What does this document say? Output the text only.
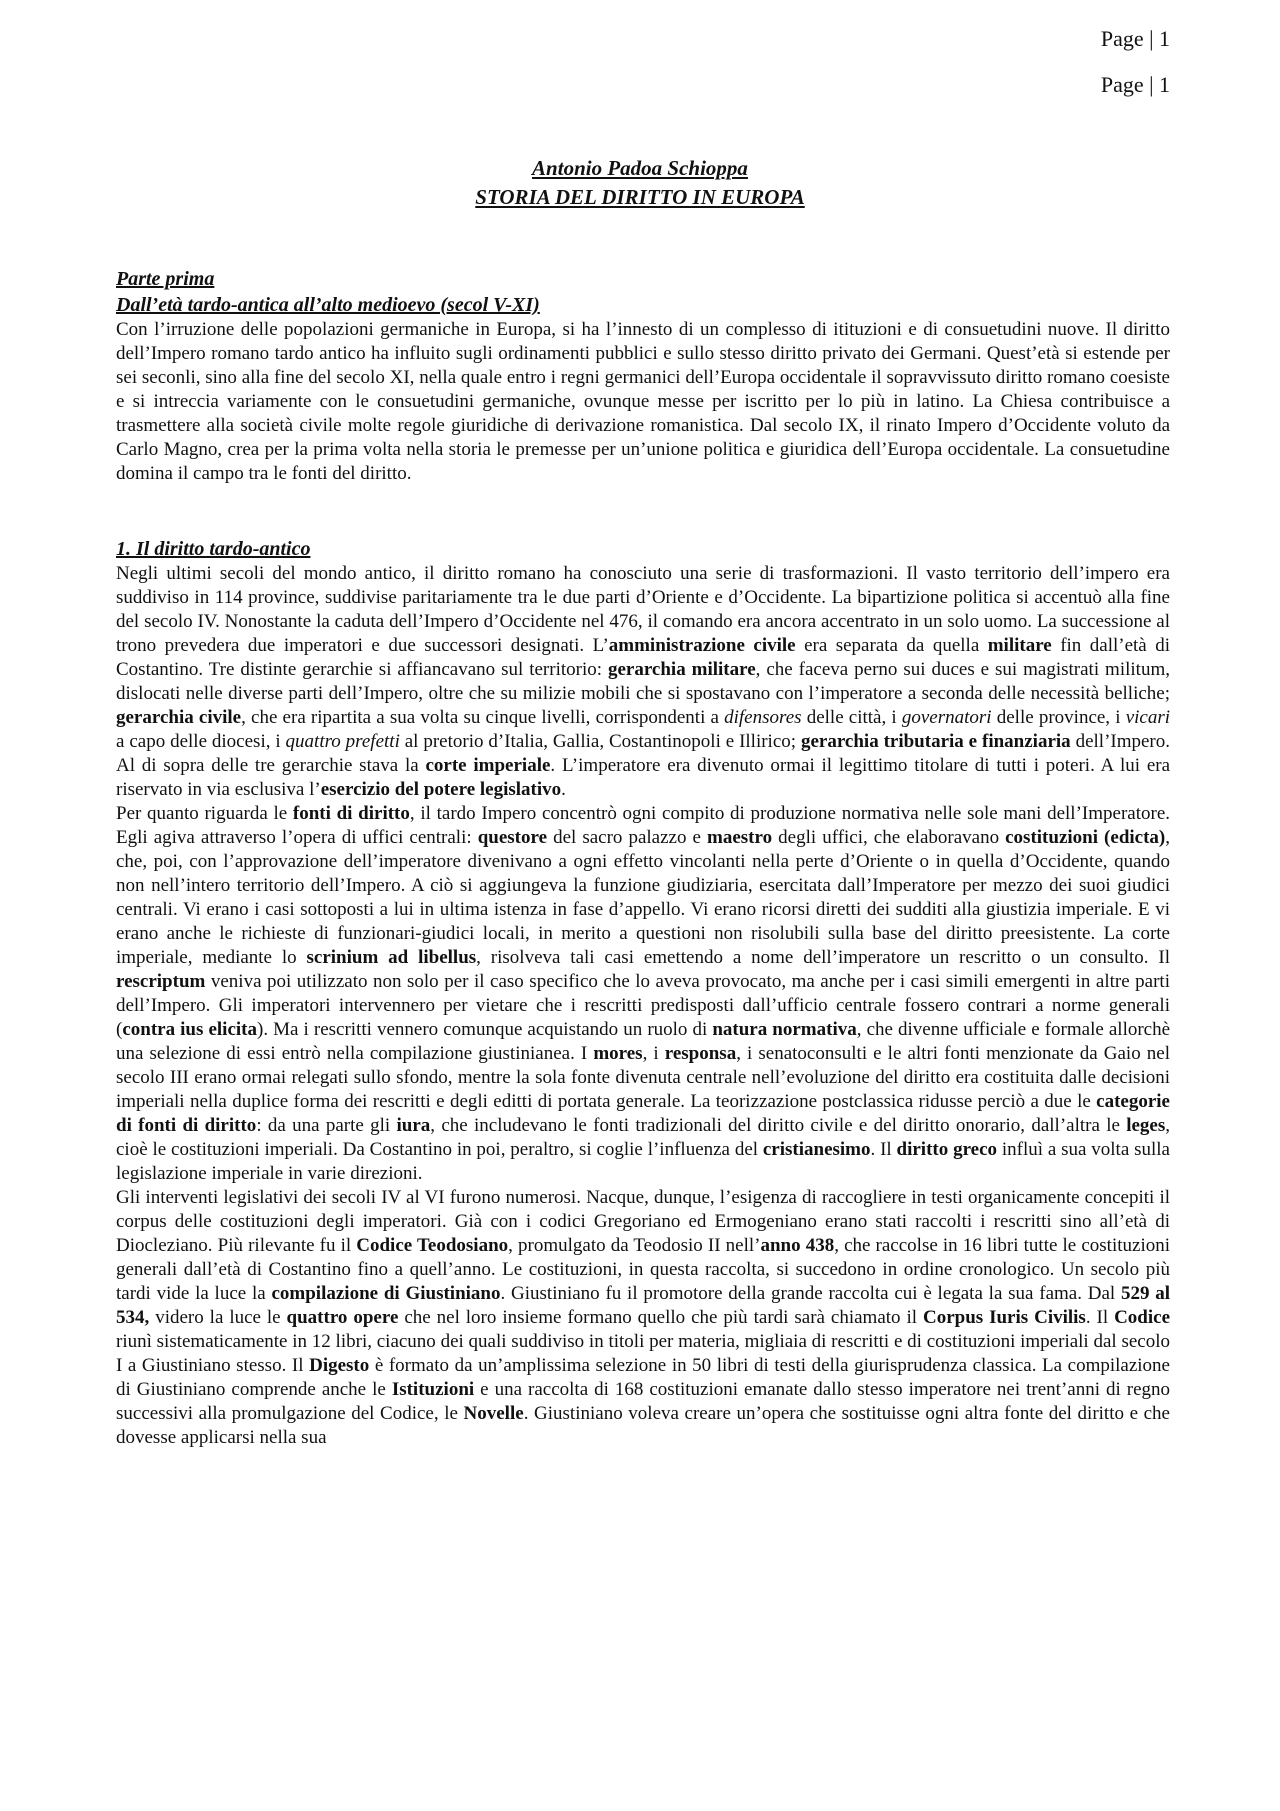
Page | 1
Page | 1
Antonio Padoa Schioppa
STORIA DEL DIRITTO IN EUROPA
Parte prima
Dall’età tardo-antica all’alto medioevo (secol V-XI)

Con l’irruzione delle popolazioni germaniche in Europa, si ha l’innesto di un complesso di itituzioni e di consuetudini nuove. Il diritto dell’Impero romano tardo antico ha influito sugli ordinamenti pubblici e sullo stesso diritto privato dei Germani. Quest’età si estende per sei seconli, sino alla fine del secolo XI, nella quale entro i regni germanici dell’Europa occidentale il sopravvissuto diritto romano coesiste e si intreccia variamente con le consuetudini germaniche, ovunque messe per iscritto per lo più in latino. La Chiesa contribuisce a trasmettere alla società civile molte regole giuridiche di derivazione romanistica. Dal secolo IX, il rinato Impero d’Occidente voluto da Carlo Magno, crea per la prima volta nella storia le premesse per un’unione politica e giuridica dell’Europa occidentale. La consuetudine domina il campo tra le fonti del diritto.

1. Il diritto tardo-antico

Negli ultimi secoli del mondo antico, il diritto romano ha conosciuto una serie di trasformazioni. Il vasto territorio dell’impero era suddiviso in 114 province, suddivise paritariamente tra le due parti d’Oriente e d’Occidente. La bipartizione politica si accentuò alla fine del secolo IV. Nonostante la caduta dell’Impero d’Occidente nel 476, il comando era ancora accentrato in un solo uomo. La successione al trono prevedera due imperatori e due successori designati. L’amministrazione civile era separata da quella militare fin dall’età di Costantino. Tre distinte gerarchie si affiancavano sul territorio: gerarchia militare, che faceva perno sui duces e sui magistrati militum, dislocati nelle diverse parti dell’Impero, oltre che su milizie mobili che si spostavano con l’imperatore a seconda delle necessità belliche; gerarchia civile, che era ripartita a sua volta su cinque livelli, corrispondenti a difensores delle città, i governatori delle province, i vicari a capo delle diocesi, i quattro prefetti al pretorio d’Italia, Gallia, Costantinopoli e Illirico; gerarchia tributaria e finanziaria dell’Impero. Al di sopra delle tre gerarchie stava la corte imperiale. L’imperatore era divenuto ormai il legittimo titolare di tutti i poteri. A lui era riservato in via esclusiva l’esercizio del potere legislativo.

Per quanto riguarda le fonti di diritto, il tardo Impero concentrò ogni compito di produzione normativa nelle sole mani dell’Imperatore. Egli agiva attraverso l’opera di uffici centrali: questore del sacro palazzo e maestro degli uffici, che elaboravano costituzioni (edicta), che, poi, con l’approvazione dell’imperatore divenivano a ogni effetto vincolanti nella perte d’Oriente o in quella d’Occidente, quando non nell’intero territorio dell’Impero. A ciò si aggiungeva la funzione giudiziaria, esercitata dall’Imperatore per mezzo dei suoi giudici centrali. Vi erano i casi sottoposti a lui in ultima istenza in fase d’appello. Vi erano ricorsi diretti dei sudditi alla giustizia imperiale. E vi erano anche le richieste di funzionari-giudici locali, in merito a questioni non risolubili sulla base del diritto preesistente. La corte imperiale, mediante lo scrinium ad libellus, risolveva tali casi emettendo a nome dell’imperatore un rescritto o un consulto. Il rescriptum veniva poi utilizzato non solo per il caso specifico che lo aveva provocato, ma anche per i casi simili emergenti in altre parti dell’Impero. Gli imperatori intervennero per vietare che i rescritti predisposti dall’ufficio centrale fossero contrari a norme generali (contra ius elicita). Ma i rescritti vennero comunque acquistando un ruolo di natura normativa, che divenne ufficiale e formale allorchè una selezione di essi entrò nella compilazione giustinianea. I mores, i responsa, i senatoconsulti e le altri fonti menzionate da Gaio nel secolo III erano ormai relegati sullo sfondo, mentre la sola fonte divenuta centrale nell’evoluzione del diritto era costituita dalle decisioni imperiali nella duplice forma dei rescritti e degli editti di portata generale. La teorizzazione postclassica ridusse perciò a due le categorie di fonti di diritto: da una parte gli iura, che includevano le fonti tradizionali del diritto civile e del diritto onorario, dall’altra le leges, cioè le costituzioni imperiali. Da Costantino in poi, peraltro, si coglie l’influenza del cristianesimo. Il diritto greco influì a sua volta sulla legislazione imperiale in varie direzioni.

Gli interventi legislativi dei secoli IV al VI furono numerosi. Nacque, dunque, l’esigenza di raccogliere in testi organicamente concepiti il corpus delle costituzioni degli imperatori. Già con i codici Gregoriano ed Ermogeniano erano stati raccolti i rescritti sino all’età di Diocleziano. Più rilevante fu il Codice Teodosiano, promulgato da Teodosio II nell’anno 438, che raccolse in 16 libri tutte le costituzioni generali dall’età di Costantino fino a quell’anno. Le costituzioni, in questa raccolta, si succedono in ordine cronologico. Un secolo più tardi vide la luce la compilazione di Giustiniano. Giustiniano fu il promotore della grande raccolta cui è legata la sua fama. Dal 529 al 534, videro la luce le quattro opere che nel loro insieme formano quello che più tardi sarà chiamato il Corpus Iuris Civilis. Il Codice riunì sistematicamente in 12 libri, ciacuno dei quali suddiviso in titoli per materia, migliaia di rescritti e di costituzioni imperiali dal secolo I a Giustiniano stesso. Il Digesto è formato da un’amplissima selezione in 50 libri di testi della giurisprudenza classica. La compilazione di Giustiniano comprende anche le Istituzioni e una raccolta di 168 costituzioni emanate dallo stesso imperatore nei trent’anni di regno successivi alla promulgazione del Codice, le Novelle. Giustiniano voleva creare un’opera che sostituisse ogni altra fonte del diritto e che dovesse applicarsi nella sua
